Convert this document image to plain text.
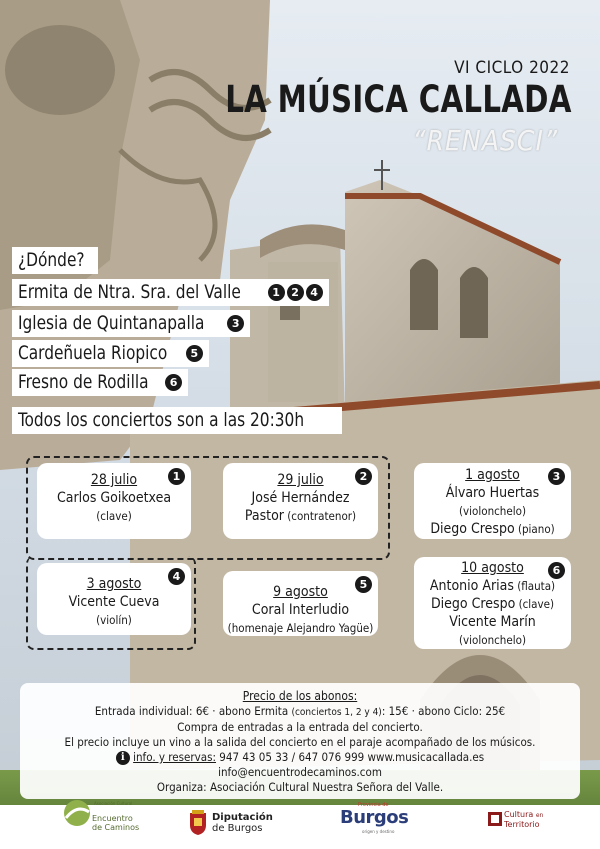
VI CICLO 2022
LA MÚSICA CALLADA
“RENASCI”
¿Dónde?
Ermita de Ntra. Sra. del Valle	1 2 4
Iglesia de Quintanapalla 3
Cardeñuela Riopico 5
Fresno de Rodilla 6
Todos los conciertos son a las 20:30h
1
28 julio
Carlos Goikoetxea
(clave)
2
29 julio
José Hernández
Pastor (contratenor)
3
1 agosto
Álvaro Huertas
(violonchelo)
Diego Crespo (piano)
4
3 agosto
Vicente Cueva
(violín)
5
9 agosto
Coral Interludio
(homenaje Alejandro Yagüe)
6
10 agosto
Antonio Arias (flauta)
Diego Crespo (clave)
Vicente Marín
(violonchelo)
Precio de los abonos:
Entrada individual: 6€ · abono Ermita (conciertos 1, 2 y 4): 15€ · abono Ciclo: 25€
Compra de entradas a la entrada del concierto.
El precio incluye un vino a la salida del concierto en el paraje acompañado de los músicos.
i info. y reservas: 947 43 05 33 / 647 076 999 www.musicacallada.es
info@encuentrodecaminos.com
Organiza: Asociación Cultural Nuestra Señora del Valle.
Asociación Cultural
Encuentro
de Caminos
Diputación
de Burgos
Provincia de
Burgos
origen y destino
Cultura en
Territorio
